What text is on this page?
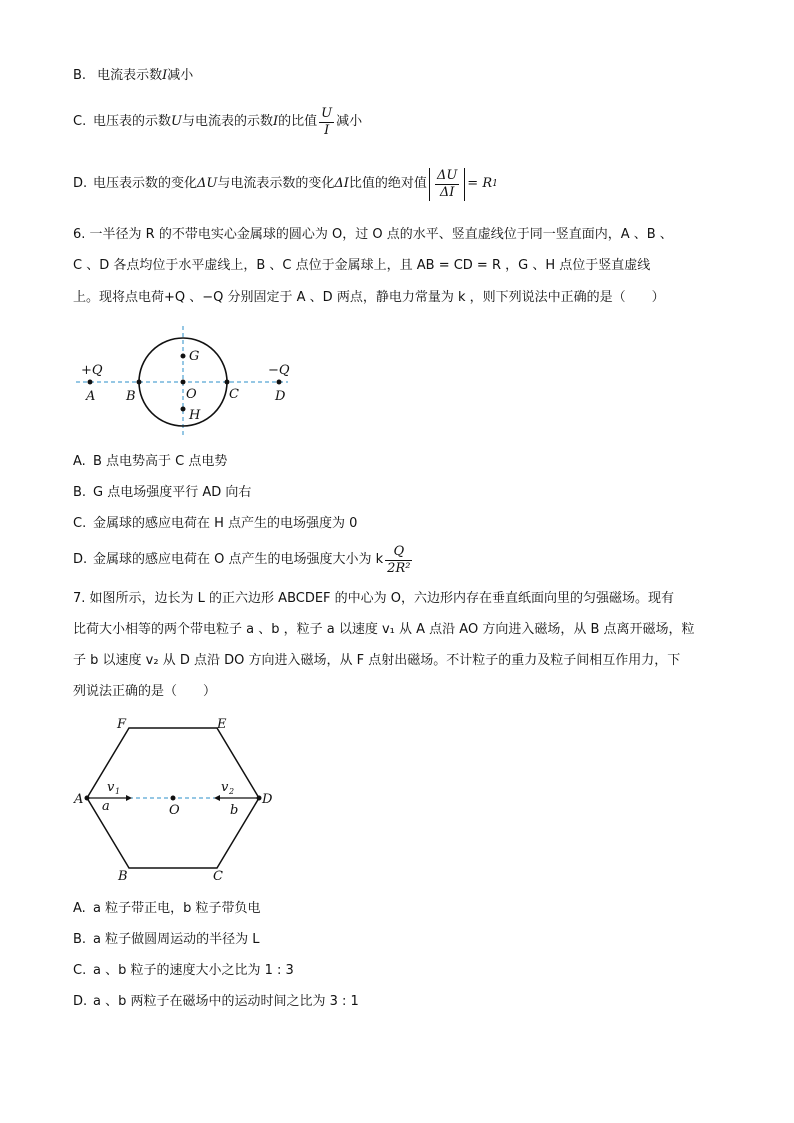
B. 电流表示数I减小
C. 电压表的示数 U 与电流表的示数 I 的比值 $\frac{U}{I}$ 减小
D. 电压表示数的变化 ΔU 与电流表示数的变化 ΔI 比值的绝对值 $\frac{\Delta U}{\Delta I} = R$ 1
6. 一半径为 R 的不带电实心金属球的圆心为 O，过 O 点的水平、竖直虚线位于同一竖直面内，A 、B 、
C 、D 各点均位于水平虚线上，B 、C 点位于金属球上，且 AB = CD = R ，G 、H 点位于竖直虚线
上。现将点电荷+Q 、−Q 分别固定于 A 、D 两点，静电力常量为 k ，则下列说法中正确的是（　　）
+Q	−Q
A B	O C	D
G
H
A. B 点电势高于 C 点电势
B. G 点电场强度平行 AD 向右
C. 金属球的感应电荷在 H 点产生的电场强度为 0
D. 金属球的感应电荷在 O 点产生的电场强度大小为 k $\frac{Q}{\text{2R²}}$
7. 如图所示，边长为 L 的正六边形 ABCDEF 的中心为 O，六边形内存在垂直纸面向里的匀强磁场。现有
比荷大小相等的两个带电粒子 a 、b ，粒子 a 以速度 v₁ 从 A 点沿 AO 方向进入磁场，从 B 点离开磁场，粒
子 b 以速度 v₂ 从 D 点沿 DO 方向进入磁场，从 F 点射出磁场。不计粒子的重力及粒子间相互作用力，下
列说法正确的是（　　）
F	E
A	D
B	C
O
a	b
v 1	v 2
A. a 粒子带正电，b 粒子带负电
B. a 粒子做圆周运动的半径为 L
C. a 、b 粒子的速度大小之比为 1 : 3
D. a 、b 两粒子在磁场中的运动时间之比为 3 : 1
